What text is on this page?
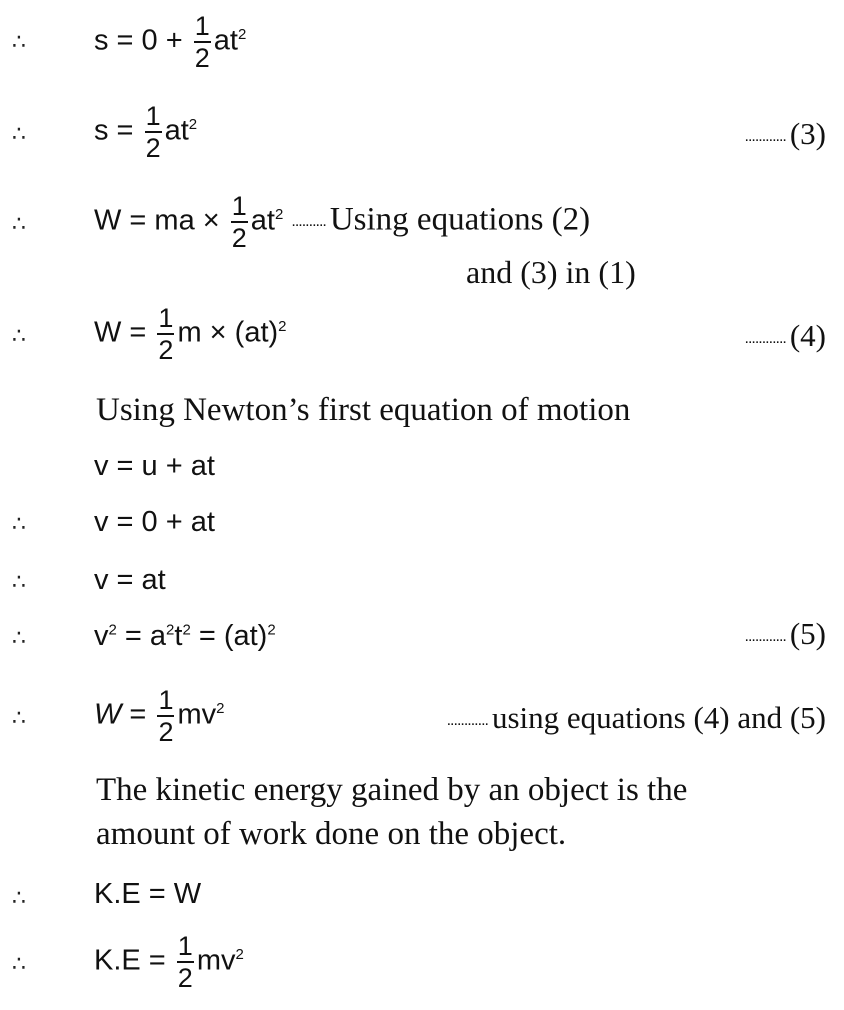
∴ $s = 0 + \frac{1}{2} at^2$
∴ $s = \frac{1}{2} at^2$
............ (3)
∴ W = ma × $\frac{1}{2} at^2$ .......... Using equations (2)
and (3) in (1)
∴ $W = \frac{1}{2}$ m × (at)$^2$
............ (4)
Using Newton’s first equation of motion
v = u + at
∴ v = 0 + at
∴ v = at
∴ $v^2 = a^2t^2 = (at)^2$	............ (5)
∴ $W = \frac{1}{2} mv^2$
............ using equations (4) and (5)
The kinetic energy gained by an object is the
amount of work done on the object.
∴ K.E = W
∴ $K.E = \frac{1}{2} mv^2$
